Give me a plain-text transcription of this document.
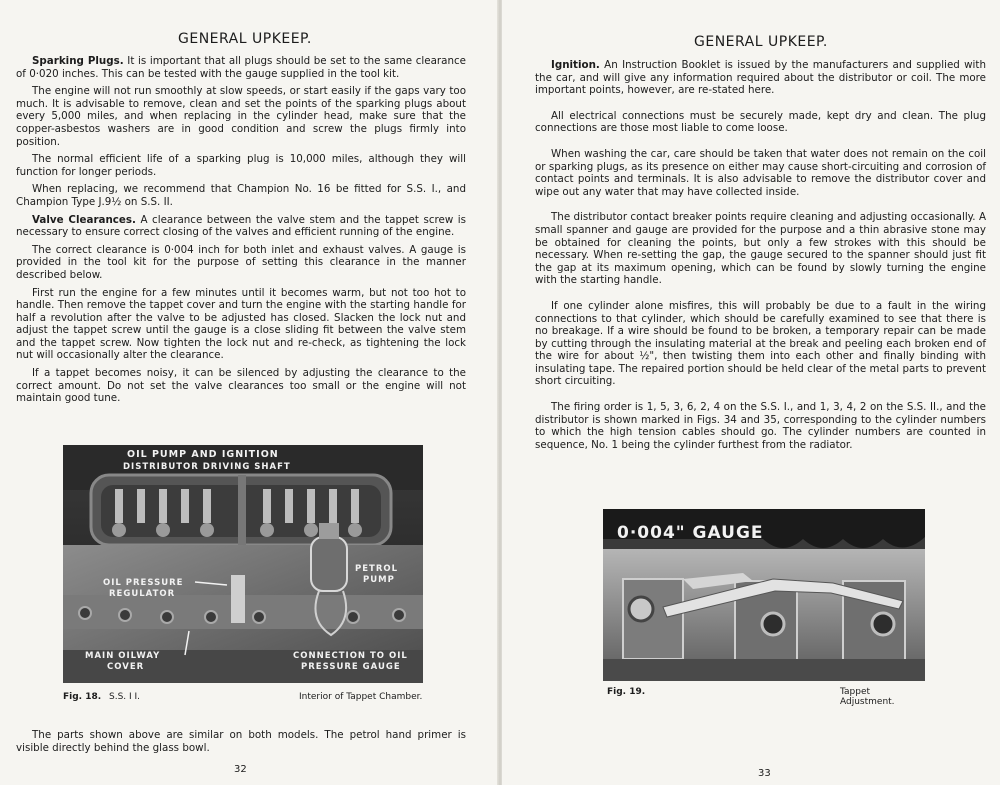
GENERAL UPKEEP.

Sparking Plugs. It is important that all plugs should be set to the same clearance of 0·020 inches. This can be tested with the gauge supplied in the tool kit.

The engine will not run smoothly at slow speeds, or start easily if the gaps vary too much. It is advisable to remove, clean and set the points of the sparking plugs about every 5,000 miles, and when replacing in the cylinder head, make sure that the copper-asbestos washers are in good condition and screw the plugs firmly into position.

The normal efficient life of a sparking plug is 10,000 miles, although they will function for longer periods.

When replacing, we recommend that Champion No. 16 be fitted for S.S. I., and Champion Type J.9½ on S.S. II.

Valve Clearances. A clearance between the valve stem and the tappet screw is necessary to ensure correct closing of the valves and efficient running of the engine.

The correct clearance is 0·004 inch for both inlet and exhaust valves. A gauge is provided in the tool kit for the purpose of setting this clearance in the manner described below.

First run the engine for a few minutes until it becomes warm, but not too hot to handle. Then remove the tappet cover and turn the engine with the starting handle for half a revolution after the valve to be adjusted has closed. Slacken the lock nut and adjust the tappet screw until the gauge is a close sliding fit between the valve stem and the tappet screw. Now tighten the lock nut and re-check, as tightening the lock nut will occasionally alter the clearance.

If a tappet becomes noisy, it can be silenced by adjusting the clearance to the correct amount. Do not set the valve clearances too small or the engine will not maintain good tune.

OIL PUMP AND IGNITION
DISTRIBUTOR DRIVING SHAFT
OIL PRESSURE
REGULATOR
PETROL
PUMP
MAIN OILWAY
COVER
CONNECTION TO OIL
PRESSURE GAUGE
Fig. 18. S.S. I I.	Interior of Tappet Chamber.

The parts shown above are similar on both models. The petrol hand primer is visible directly behind the glass bowl.

32
GENERAL UPKEEP.

Ignition. An Instruction Booklet is issued by the manufacturers and supplied with the car, and will give any information required about the distributor or coil. The more important points, however, are re-stated here.

All electrical connections must be securely made, kept dry and clean. The plug connections are those most liable to come loose.

When washing the car, care should be taken that water does not remain on the coil or sparking plugs, as its presence on either may cause short-circuiting and corrosion of contact points and terminals. It is also advisable to remove the distributor cover and wipe out any water that may have collected inside.

The distributor contact breaker points require cleaning and adjusting occasionally. A small spanner and gauge are provided for the purpose and a thin abrasive stone may be obtained for cleaning the points, but only a few strokes with this should be necessary. When re-setting the gap, the gauge secured to the spanner should just fit the gap at its maximum opening, which can be found by slowly turning the engine with the starting handle.

If one cylinder alone misfires, this will probably be due to a fault in the wiring connections to that cylinder, which should be carefully examined to see that there is no breakage. If a wire should be found to be broken, a temporary repair can be made by cutting through the insulating material at the break and peeling each broken end of the wire for about ½", then twisting them into each other and finally binding with insulating tape. The repaired portion should be held clear of the metal parts to prevent short circuiting.

The firing order is 1, 5, 3, 6, 2, 4 on the S.S. I., and 1, 3, 4, 2 on the S.S. II., and the distributor is shown marked in Figs. 34 and 35, corresponding to the cylinder numbers to which the high tension cables should go. The cylinder numbers are counted in sequence, No. 1 being the cylinder furthest from the radiator.

0·004" GAUGE
Fig. 19.	Tappet Adjustment.
33
